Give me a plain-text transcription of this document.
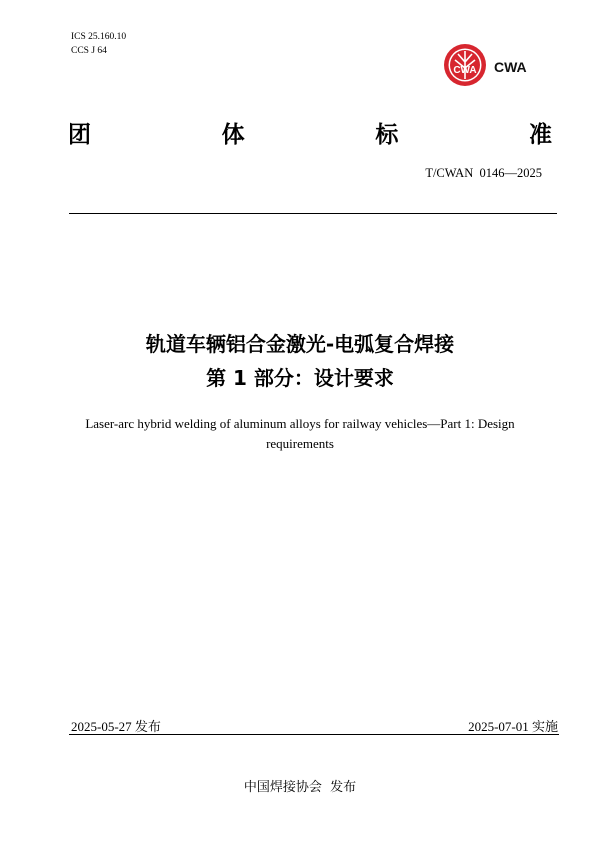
ICS 25.160.10
CCS J 64
CWA CWA
团	体	标	准
T/CWAN  0146—2025
轨道车辆铝合金激光-电弧复合焊接
第 1 部分：设计要求
Laser-arc hybrid welding of aluminum alloys for railway vehicles—Part 1: Design requirements
2025-05-27 发布	2025-07-01 实施
中国焊接协会  发布
